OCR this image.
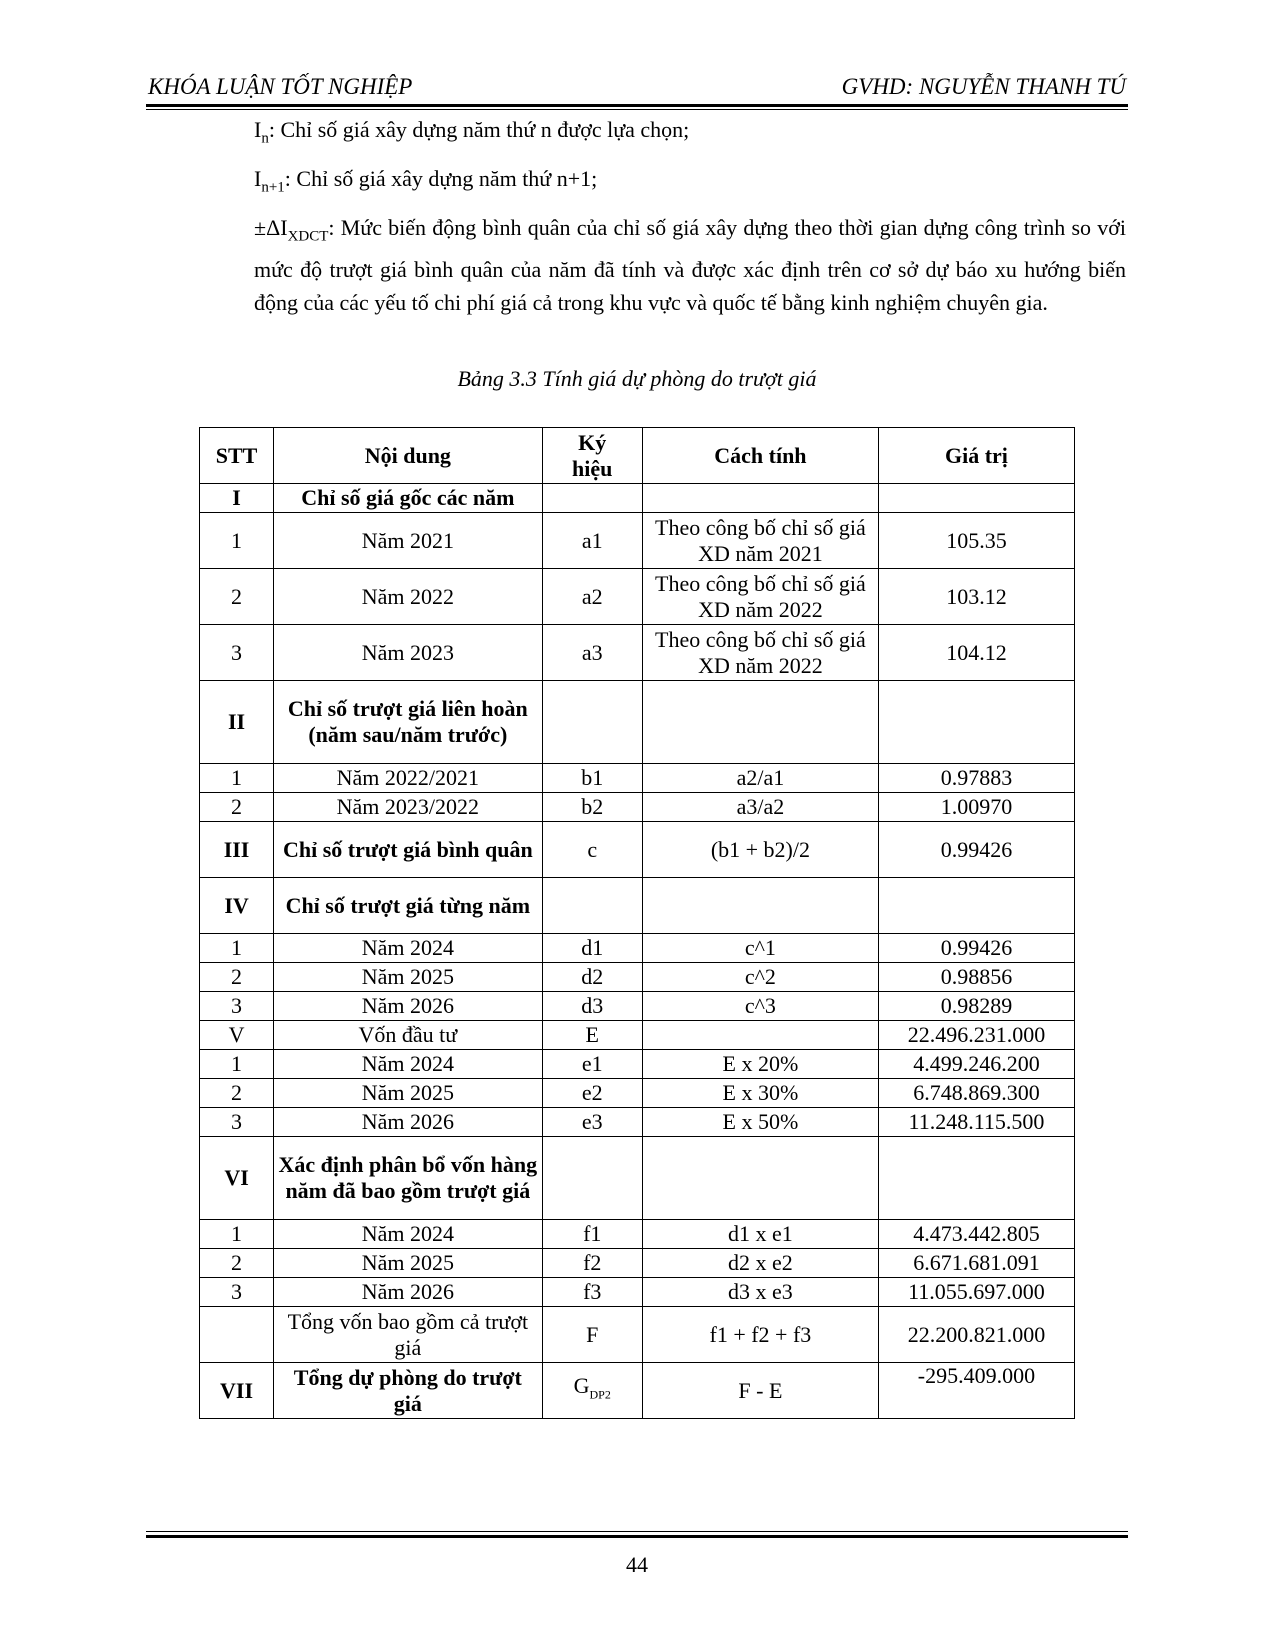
KHÓA LUẬN TỐT NGHIỆP	GVHD: NGUYỄN THANH TÚ
$I_n$: Chỉ số giá xây dựng năm thứ n được lựa chọn;
$I_{n+1}$: Chỉ số giá xây dựng năm thứ n+1;
$\pm\Delta I_{XDCT}$: Mức biến động bình quân của chỉ số giá xây dựng theo thời gian dựng công trình so với mức độ trượt giá bình quân của năm đã tính và được xác định trên cơ sở dự báo xu hướng biến động của các yếu tố chi phí giá cả trong khu vực và quốc tế bằng kinh nghiệm chuyên gia.
Bảng 3.3 Tính giá dự phòng do trượt giá
STT	Nội dung	Ký hiệu	Cách tính	Giá trị
I	Chỉ số giá gốc các năm			
1	Năm 2021	a1	Theo công bố chỉ số giá XD năm 2021	105.35
2	Năm 2022	a2	Theo công bố chỉ số giá XD năm 2022	103.12
3	Năm 2023	a3	Theo công bố chỉ số giá XD năm 2022	104.12
II	Chỉ số trượt giá liên hoàn (năm sau/năm trước)			
1	Năm 2022/2021	b1	a2/a1	0.97883
2	Năm 2023/2022	b2	a3/a2	1.00970
III	Chỉ số trượt giá bình quân	c	(b1 + b2)/2	0.99426
IV	Chỉ số trượt giá từng năm			
1	Năm 2024	d1	c^1	0.99426
2	Năm 2025	d2	c^2	0.98856
3	Năm 2026	d3	c^3	0.98289
V	Vốn đầu tư	E		22.496.231.000
1	Năm 2024	e1	E x 20%	4.499.246.200
2	Năm 2025	e2	E x 30%	6.748.869.300
3	Năm 2026	e3	E x 50%	11.248.115.500
VI	Xác định phân bổ vốn hàng năm đã bao gồm trượt giá			
1	Năm 2024	f1	d1 x e1	4.473.442.805
2	Năm 2025	f2	d2 x e2	6.671.681.091
3	Năm 2026	f3	d3 x e3	11.055.697.000
	Tổng vốn bao gồm cả trượt giá	F	f1 + f2 + f3	22.200.821.000
VII	Tổng dự phòng do trượt giá	$G_{DP2}$	F - E	-295.409.000
44
